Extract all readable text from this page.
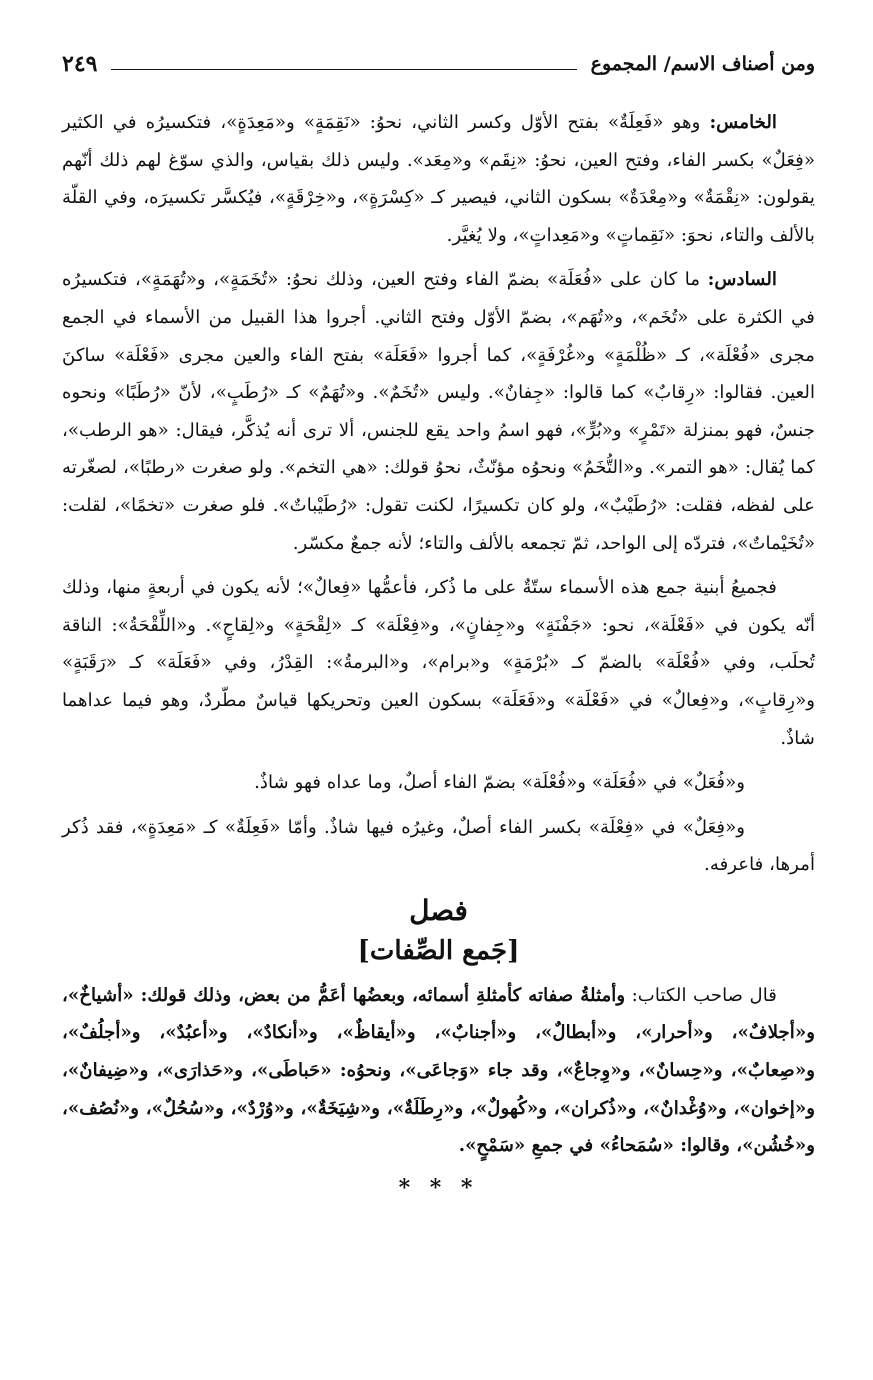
ومن أصناف الاسم/ المجموع
٢٤٩

الخامس: وهو «فَعِلَةٌ» بفتح الأوّل وكسر الثاني، نحوُ: «نَقِمَةٍ» و«مَعِدَةٍ»، فتكسيرُه في الكثير «فِعَلٌ» بكسر الفاء، وفتح العين، نحوُ: «نِقَم» و«مِعَد». وليس ذلك بقياس، والذي سوّغ لهم ذلك أنّهم يقولون: «نِقْمَةٌ» و«مِعْدَةٌ» بسكون الثاني، فيصير كـ «كِسْرَةٍ»، و«خِرْقَةٍ»، فيُكسَّر تكسيرَه، وفي القلّة بالألف والتاء، نحوَ: «نَقِماتٍ» و«مَعِداتٍ»، ولا يُغيَّر.

السادس: ما كان على «فُعَلَة» بضمّ الفاء وفتح العين، وذلك نحوُ: «تُخَمَةٍ»، و«تُهَمَةٍ»، فتكسيرُه في الكثرة على «تُخَم»، و«تُهَم»، بضمّ الأوّل وفتح الثاني. أجروا هذا القبيل من الأسماء في الجمع مجرى «فُعْلَة»، كـ «ظُلْمَةٍ» و«غُرْفَةٍ»، كما أجروا «فَعَلَة» بفتح الفاء والعين مجرى «فَعْلَة» ساكنَ العين. فقالوا: «رِقابٌ» كما قالوا: «جِفانٌ». وليس «تُخَمٌ». و«تُهَمٌ» كـ «رُطَبٍ»، لأنّ «رُطَبًا» ونحوه جنسٌ، فهو بمنزلة «تَمْرٍ» و«بُرٍّ»، فهو اسمُ واحد يقع للجنس، ألا ترى أنه يُذكَّر، فيقال: «هو الرطب»، كما يُقال: «هو التمر». و«التُّخَمُ» ونحوُه مؤنّثٌ، نحوُ قولك: «هي التخم». ولو صغرت «رطبًا»، لصغّرته على لفظه، فقلت: «رُطَيْبٌ»، ولو كان تكسيرًا، لكنت تقول: «رُطَيْباتٌ». فلو صغرت «تخمًا»، لقلت: «تُخَيْماتٌ»، فتردّه إلى الواحد، ثمّ تجمعه بالألف والتاء؛ لأنه جمعٌ مكسّر.

فجميعُ أبنية جمع هذه الأسماء ستّةٌ على ما ذُكر، فأعمُّها «فِعالٌ»؛ لأنه يكون في أربعةٍ منها، وذلك أنّه يكون في «فَعْلَة»، نحو: «جَفْنَةٍ» و«جِفانٍ»، و«فِعْلَة» كـ «لِقْحَةٍ» و«لِقاحٍ». و«اللِّقْحَةُ»: الناقة تُحلَب، وفي «فُعْلَة» بالضمّ كـ «بُرْمَةٍ» و«برام»، و«البرمةُ»: القِدْرُ، وفي «فَعَلَة» كـ «رَقَبَةٍ» و«رِقابٍ»، و«فِعالٌ» في «فَعْلَة» و«فَعَلَة» بسكون العين وتحريكها قياسٌ مطّردٌ، وهو فيما عداهما شاذٌ.

و«فُعَلٌ» في «فُعَلَة» و«فُعْلَة» بضمّ الفاء أصلٌ، وما عداه فهو شاذٌ.

و«فِعَلٌ» في «فِعْلَة» بكسر الفاء أصلٌ، وغيرُه فيها شاذٌ. وأمّا «فَعِلَةٌ» كـ «مَعِدَةٍ»، فقد ذُكر أمرها، فاعرفه.

فصل
[جَمع الصِّفات]

قال صاحب الكتاب: وأمثلةُ صفاته كأمثلةِ أسمائه، وبعضُها أعَمُّ من بعض، وذلك قولك: «أشياخٌ»، و«أجلافٌ»، و«أحرار»، و«أبطالٌ»، و«أجنابٌ»، و«أيقاظٌ»، و«أنكادٌ»، و«أعبُدٌ»، و«أجلُفٌ»، و«صِعابٌ»، و«حِسانٌ»، و«وِجاعٌ»، وقد جاء «وَجاعَى»، ونحوُه: «حَباطَى»، و«حَذارَى»، و«ضِيفانٌ»، و«إخوان»، و«وُغْدانٌ»، و«ذُكران»، و«كُهولٌ»، و«رِطَلَةٌ»، و«شِيَخَةٌ»، و«وُرْدٌ»، و«سُحُلٌ»، و«نُصُف»، و«خُشُن»، وقالوا: «سُمَحاءُ» في جمعِ «سَمْحٍ».

* * *
